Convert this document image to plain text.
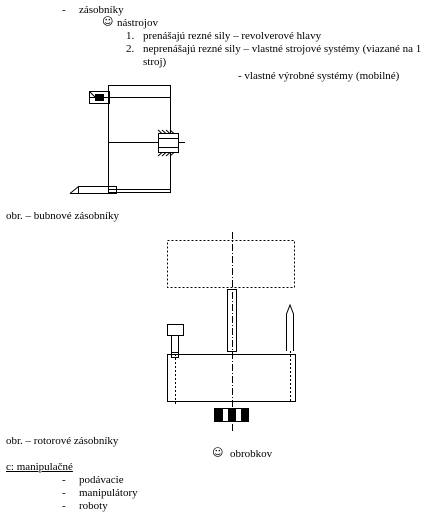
- zásobníky
☺ nástrojov
1. prenášajú rezné sily – revolverové hlavy
2. neprenášajú rezné sily – vlastné strojové systémy (viazané na 1
stroj)
- vlastné výrobné systémy (mobilné)
obr. – bubnové zásobníky
obr. – rotorové zásobníky
☺ obrobkov
c: manipulačné
- podávacie
- manipulátory
- roboty
